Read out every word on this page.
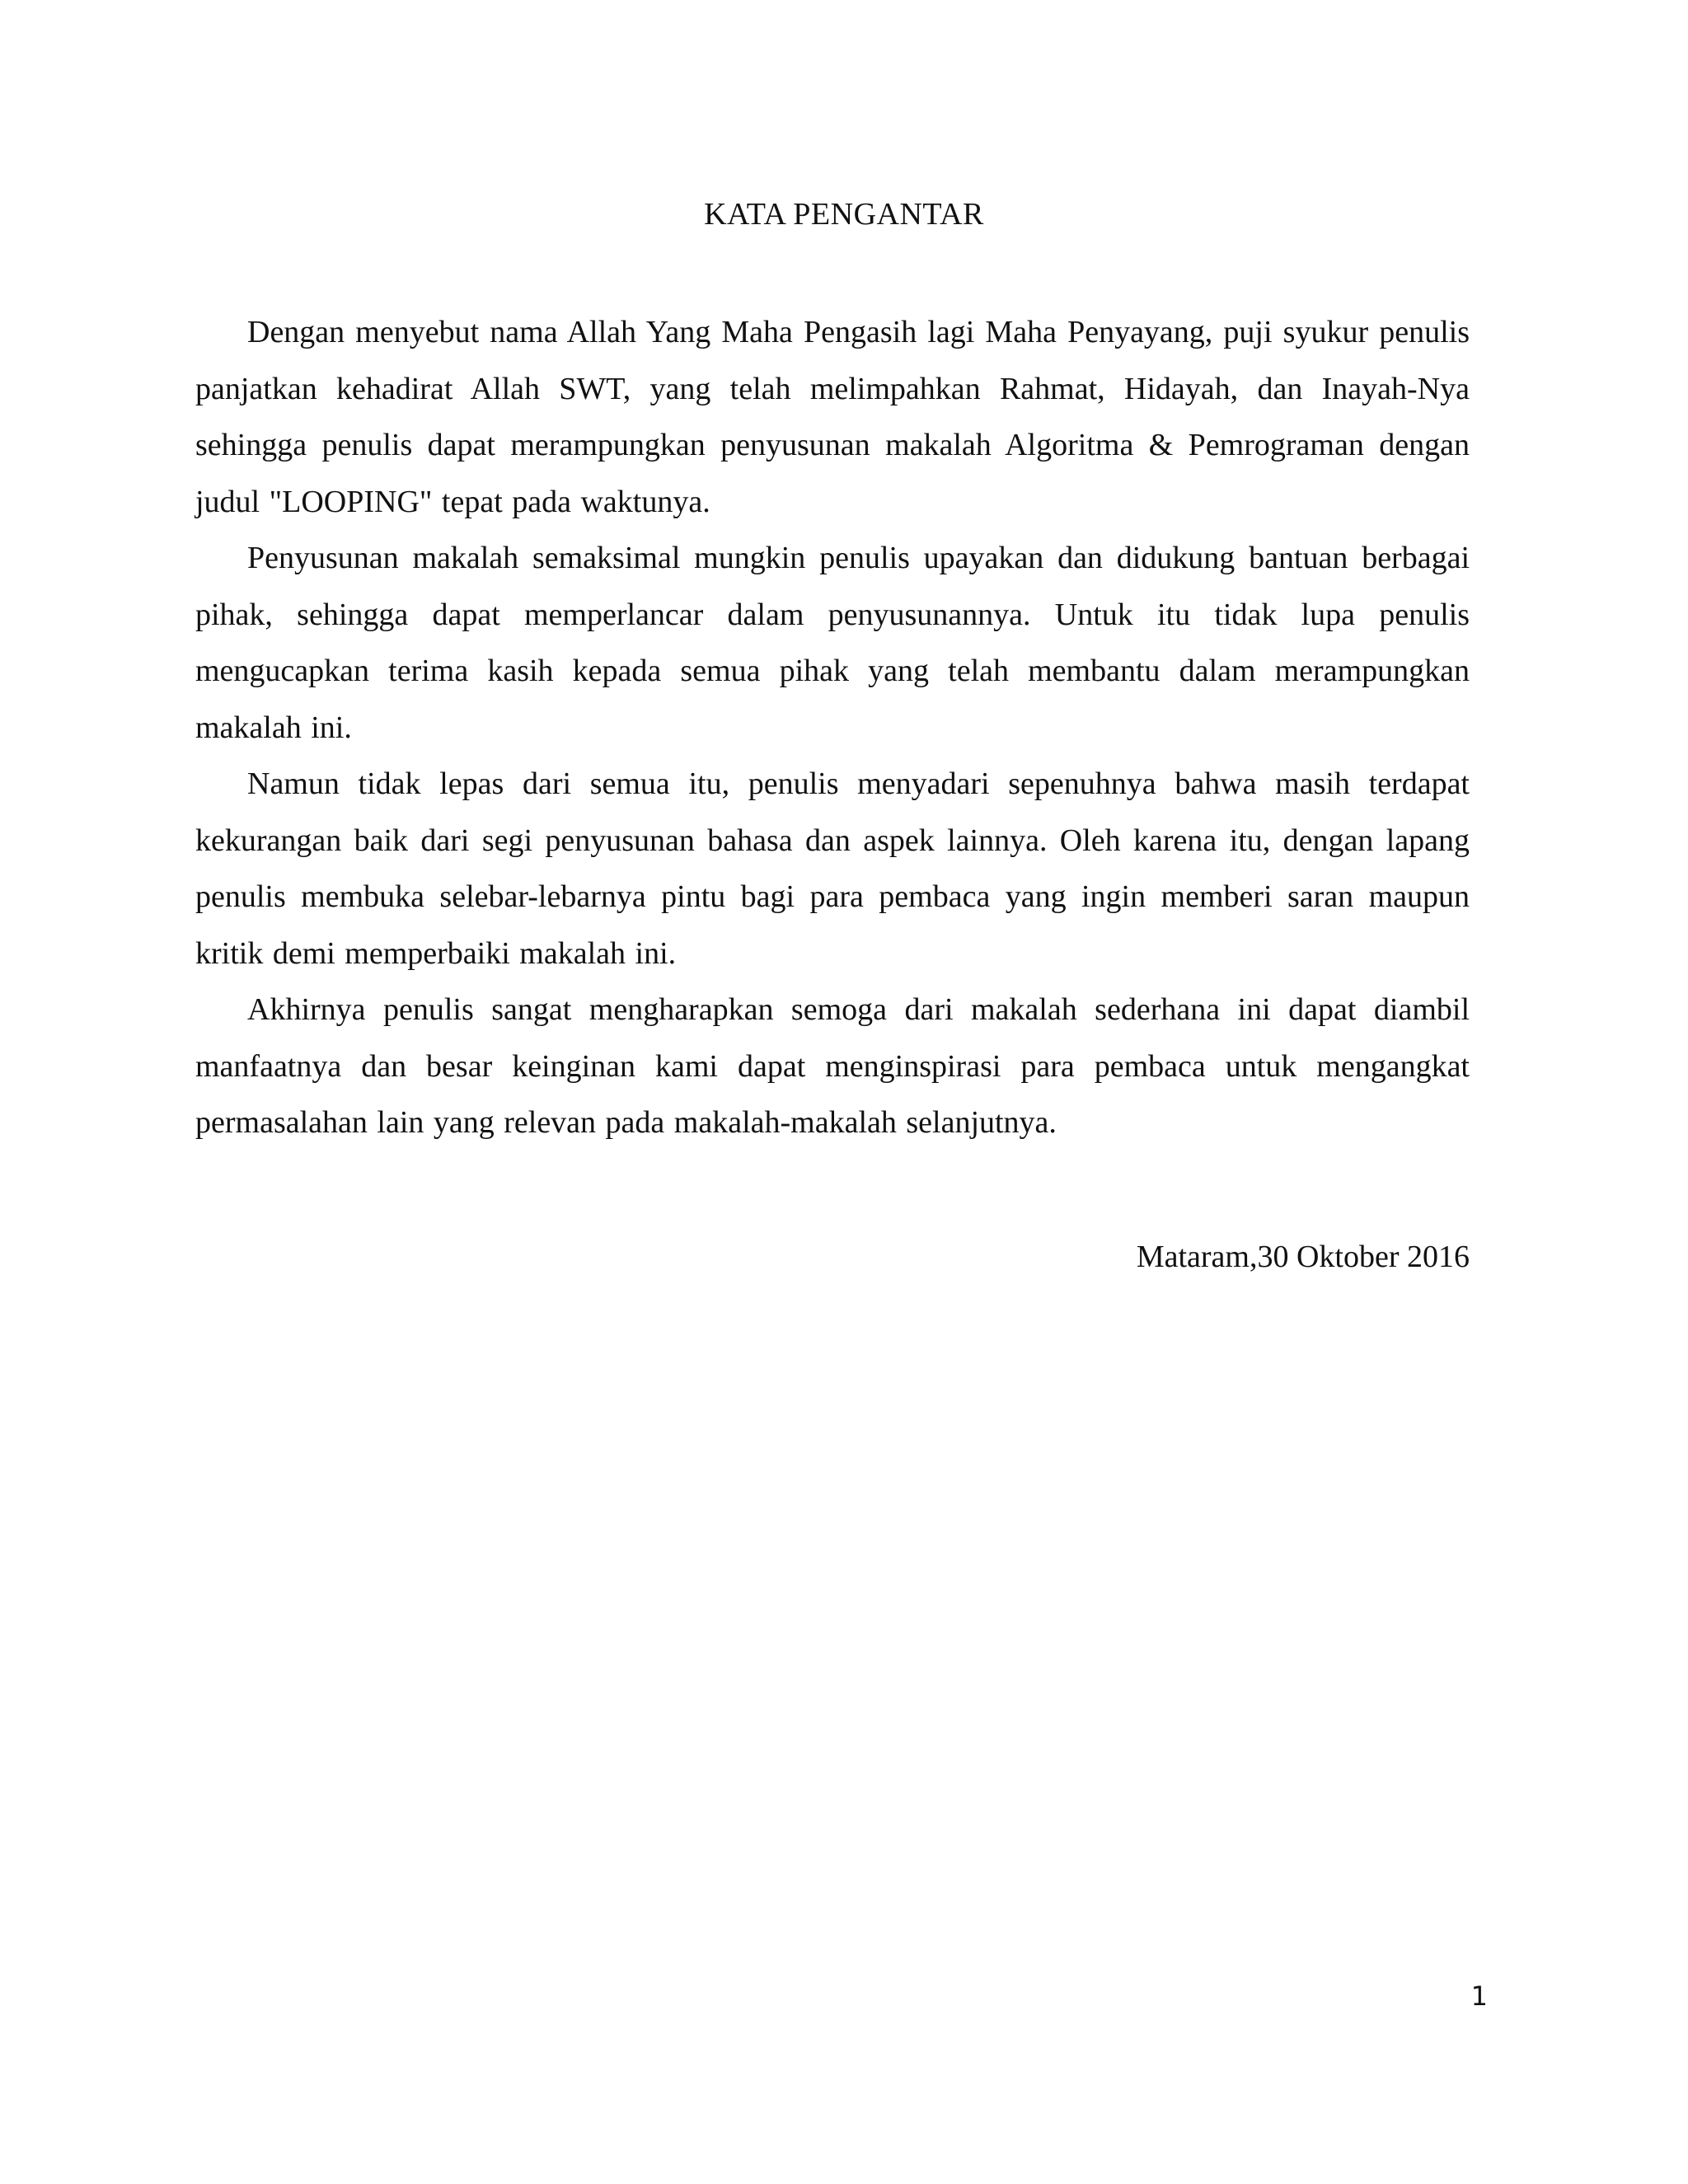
KATA PENGANTAR

Dengan menyebut nama Allah Yang Maha Pengasih lagi Maha Penyayang, puji syukur penulis panjatkan kehadirat Allah SWT, yang telah melimpahkan Rahmat, Hidayah, dan Inayah-Nya sehingga penulis dapat merampungkan penyusunan makalah Algoritma & Pemrograman dengan judul "LOOPING" tepat pada waktunya.

Penyusunan makalah semaksimal mungkin penulis upayakan dan didukung bantuan berbagai pihak, sehingga dapat memperlancar dalam penyusunannya. Untuk itu tidak lupa penulis mengucapkan terima kasih kepada semua pihak yang telah membantu dalam merampungkan makalah ini.

Namun tidak lepas dari semua itu, penulis menyadari sepenuhnya bahwa masih terdapat kekurangan baik dari segi penyusunan bahasa dan aspek lainnya. Oleh karena itu, dengan lapang penulis membuka selebar-lebarnya pintu bagi para pembaca yang ingin memberi saran maupun kritik demi memperbaiki makalah ini.

Akhirnya penulis sangat mengharapkan semoga dari makalah sederhana ini dapat diambil manfaatnya dan besar keinginan kami dapat menginspirasi para pembaca untuk mengangkat permasalahan lain yang relevan pada makalah-makalah selanjutnya.

Mataram,30 Oktober 2016

1
